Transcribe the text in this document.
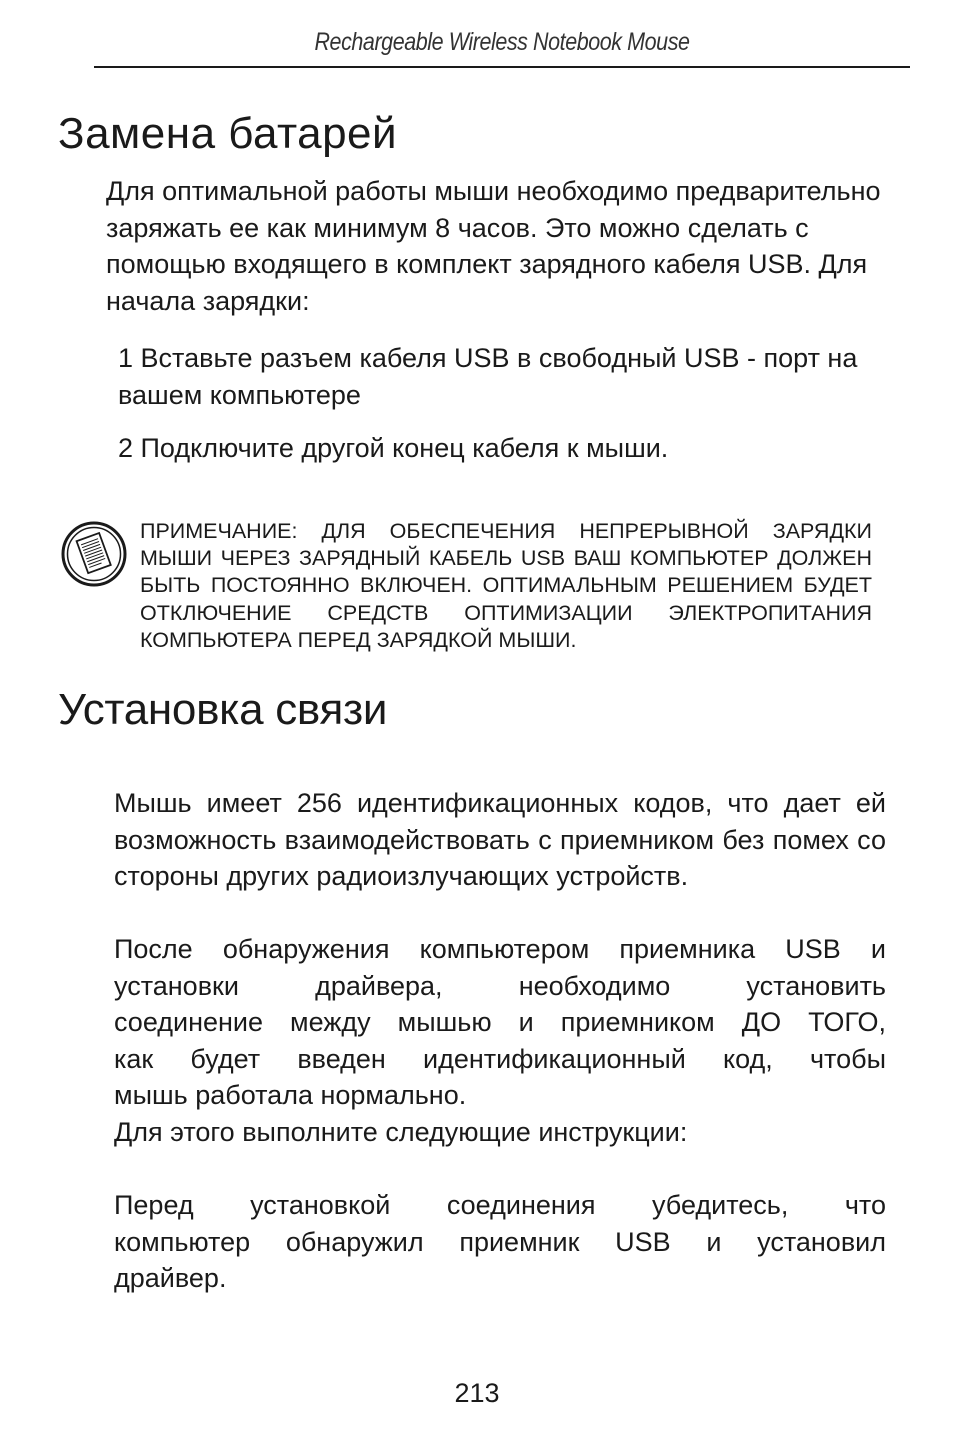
Rechargeable Wireless Notebook Mouse
Замена батарей

Для оптимальной работы мыши необходимо предварительно заряжать ее как минимум 8 часов. Это можно сделать с помощью входящего в комплект зарядного кабеля USB. Для начала зарядки:

1 Вставьте разъем кабеля USB в свободный USB - порт на вашем компьютере

2 Подключите другой конец кабеля к мыши.

ПРИМЕЧАНИЕ: ДЛЯ ОБЕСПЕЧЕНИЯ НЕПРЕРЫВНОЙ ЗАРЯДКИ МЫШИ ЧЕРЕЗ ЗАРЯДНЫЙ КАБЕЛЬ USB ВАШ КОМПЬЮТЕР ДОЛЖЕН БЫТЬ ПОСТОЯННО ВКЛЮЧЕН. ОПТИМАЛЬНЫМ РЕШЕНИЕМ БУДЕТ ОТКЛЮЧЕНИЕ СРЕДСТВ ОПТИМИЗАЦИИ ЭЛЕКТРОПИТАНИЯ КОМПЬЮТЕРА ПЕРЕД ЗАРЯДКОЙ МЫШИ.

Установка связи

Мышь имеет 256 идентификационных кодов, что дает ей возможность взаимодействовать с приемником без помех со стороны других радиоизлучающих устройств.

После обнаружения компьютером приемника USB и
установки драйвера, необходимо установить
соединение между мышью и приемником ДО ТОГО,
как будет введен идентификационный код, чтобы
мышь работала нормально.
Для этого выполните следующие инструкции:
Перед установкой соединения убедитесь, что
компьютер обнаружил приемник USB и установил
драйвер.
213
